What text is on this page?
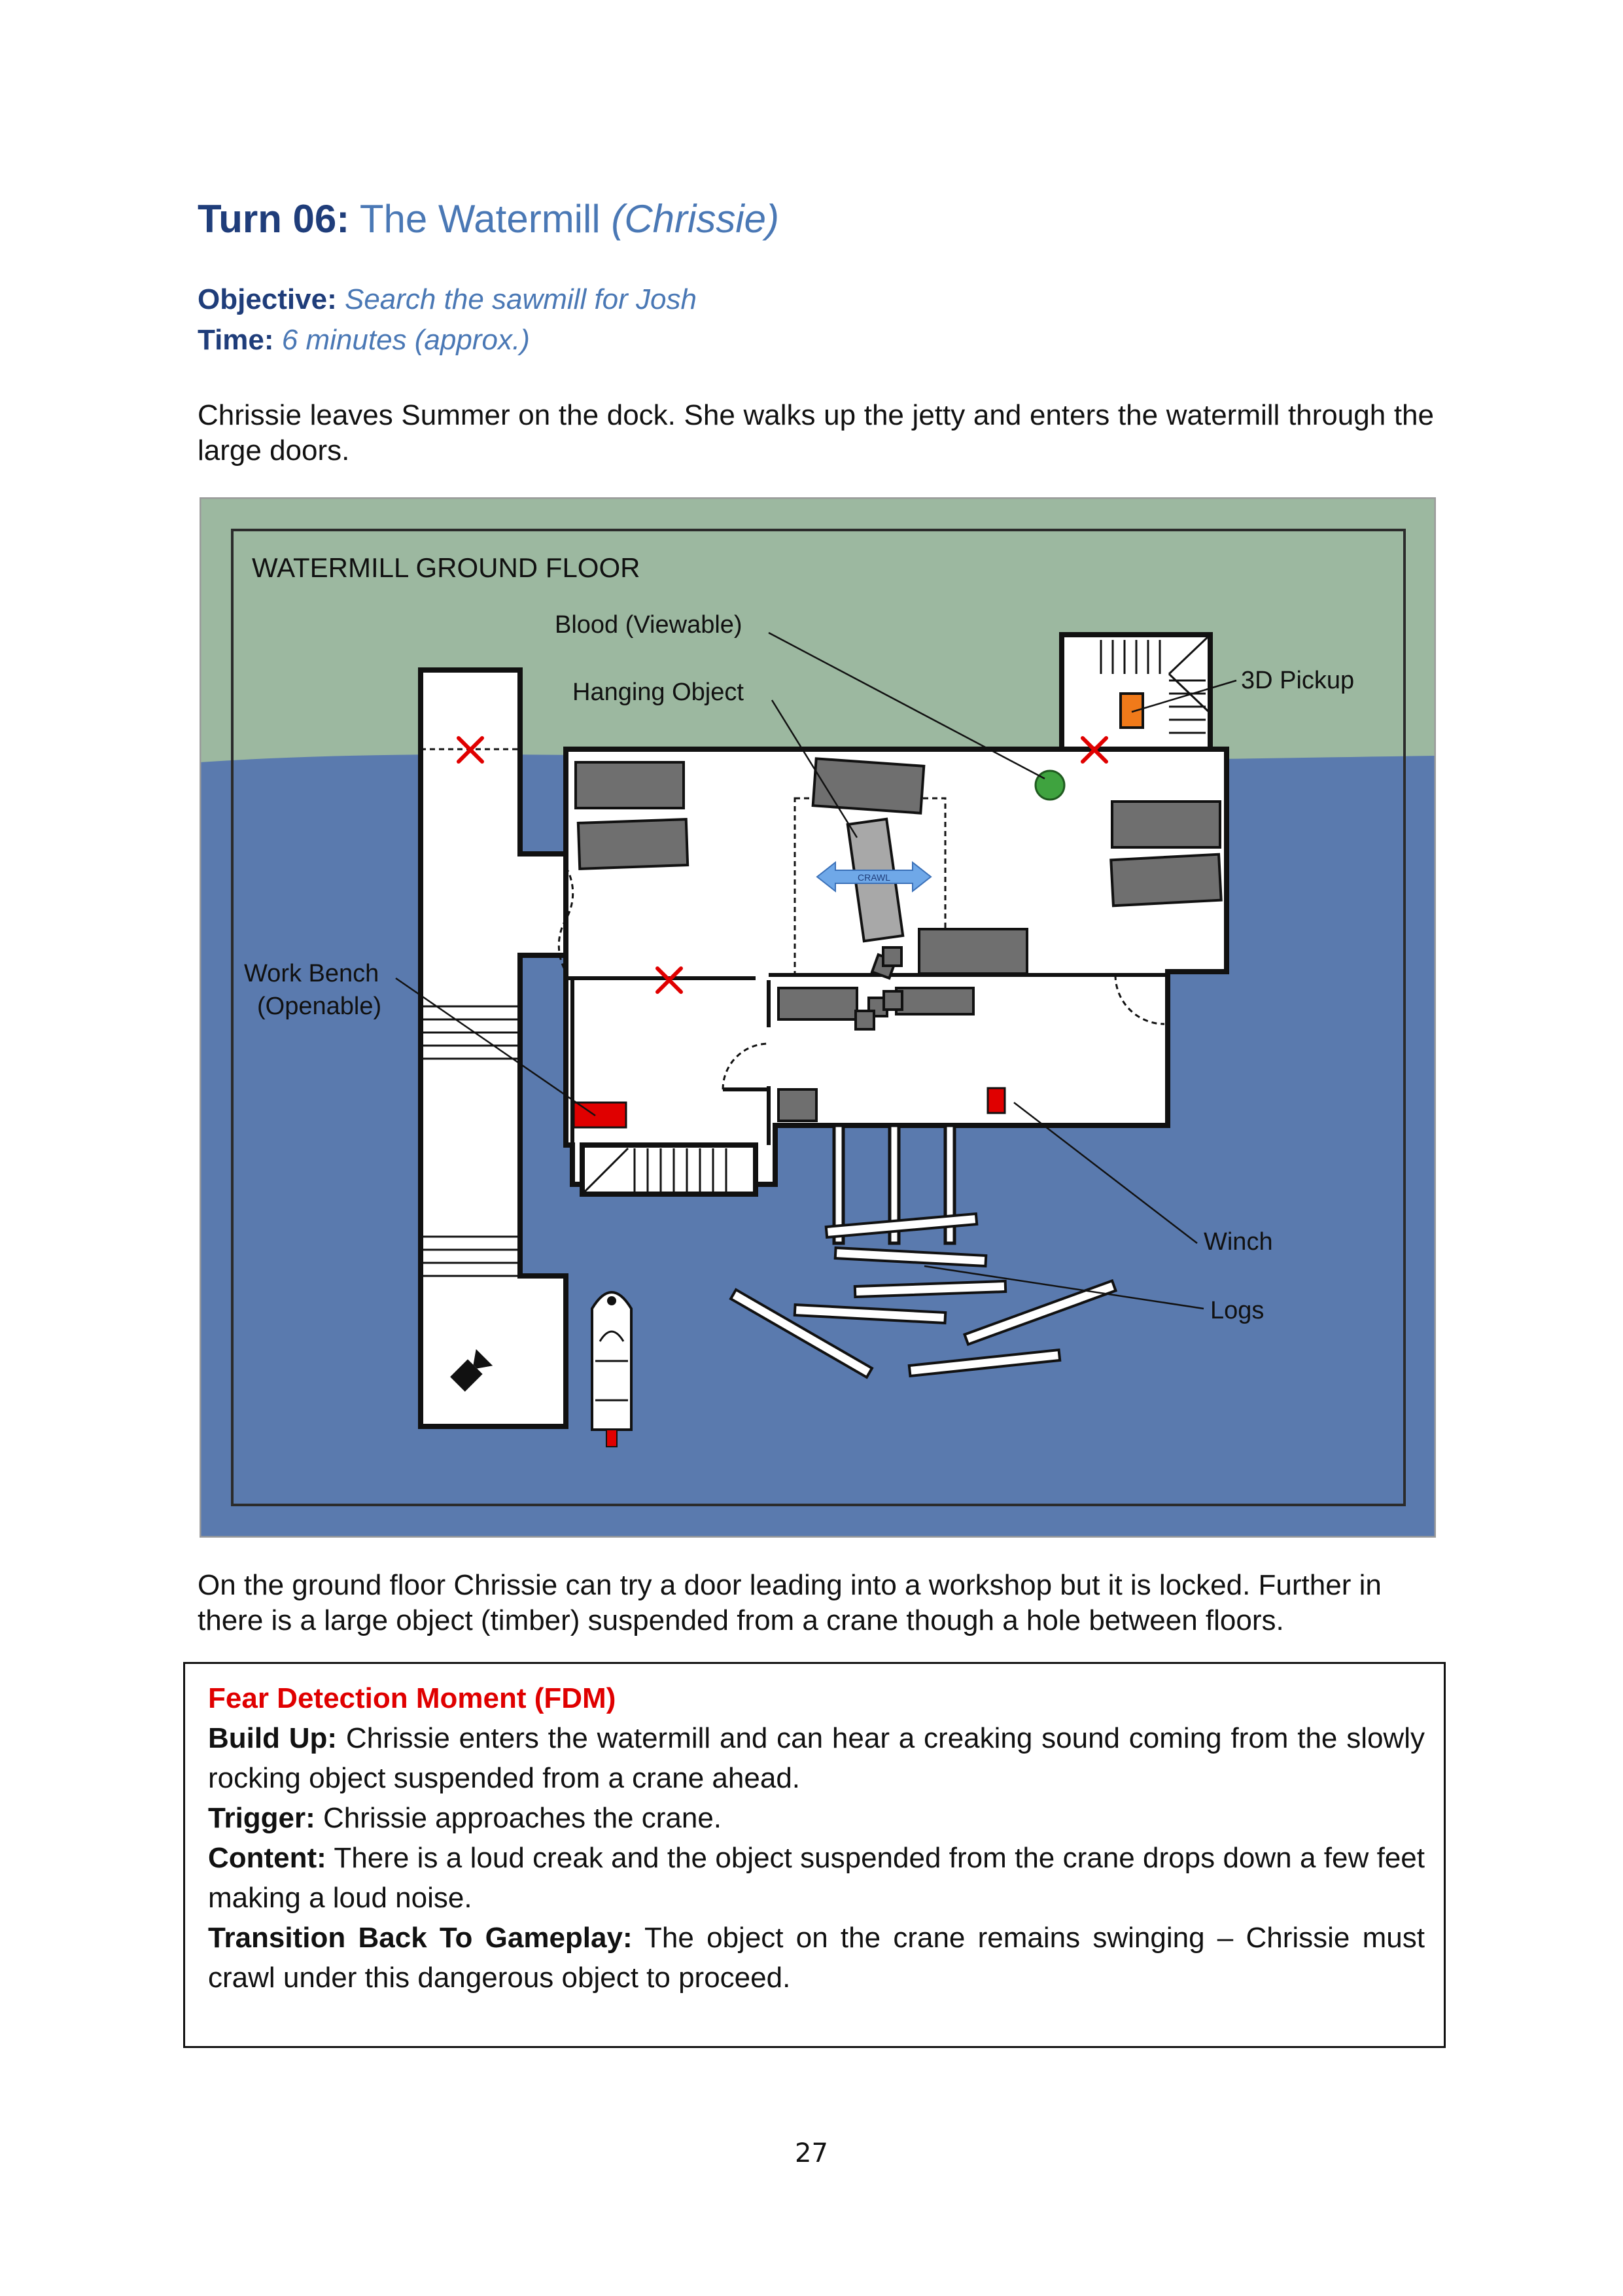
Turn 06: The Watermill (Chrissie)
Objective: Search the sawmill for Josh
Time: 6 minutes (approx.)

Chrissie leaves Summer on the dock. She walks up the jetty and enters the watermill through the large doors.

WATERMILL GROUND FLOOR
CRAWL
Blood (Viewable)
Hanging Object	3D Pickup
Work Bench
(Openable)
Winch
Logs

On the ground floor Chrissie can try a door leading into a workshop but it is locked. Further in there is a large object (timber) suspended from a crane though a hole between floors.

Fear Detection Moment (FDM)

Build Up: Chrissie enters the watermill and can hear a creaking sound coming from the slowly rocking object suspended from a crane ahead.

Trigger: Chrissie approaches the crane.

Content: There is a loud creak and the object suspended from the crane drops down a few feet making a loud noise.

Transition Back To Gameplay: The object on the crane remains swinging – Chrissie must crawl under this dangerous object to proceed.

27
